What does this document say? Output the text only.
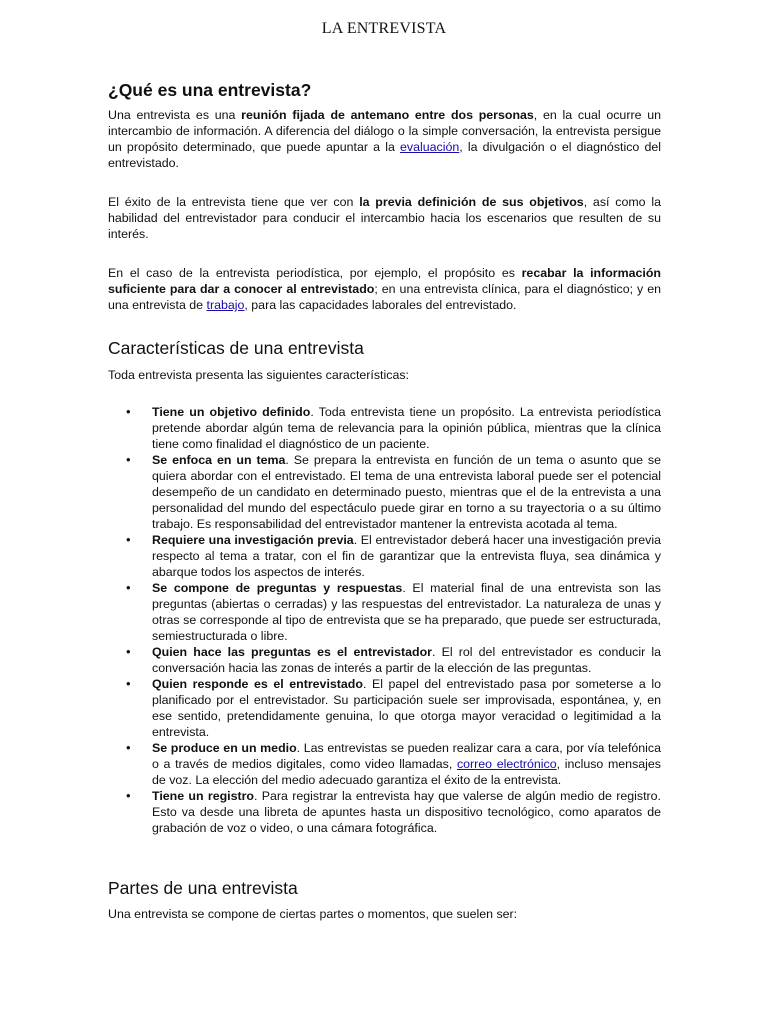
LA ENTREVISTA
¿Qué es una entrevista?

Una entrevista es una reunión fijada de antemano entre dos personas, en la cual ocurre un intercambio de información. A diferencia del diálogo o la simple conversación, la entrevista persigue un propósito determinado, que puede apuntar a la evaluación, la divulgación o el diagnóstico del entrevistado.

El éxito de la entrevista tiene que ver con la previa definición de sus objetivos, así como la habilidad del entrevistador para conducir el intercambio hacia los escenarios que resulten de su interés.

En el caso de la entrevista periodística, por ejemplo, el propósito es recabar la información suficiente para dar a conocer al entrevistado; en una entrevista clínica, para el diagnóstico; y en una entrevista de trabajo, para las capacidades laborales del entrevistado.

Características de una entrevista

Toda entrevista presenta las siguientes características:

• Tiene un objetivo definido. Toda entrevista tiene un propósito. La entrevista periodística pretende abordar algún tema de relevancia para la opinión pública, mientras que la clínica tiene como finalidad el diagnóstico de un paciente.
• Se enfoca en un tema. Se prepara la entrevista en función de un tema o asunto que se quiera abordar con el entrevistado. El tema de una entrevista laboral puede ser el potencial desempeño de un candidato en determinado puesto, mientras que el de la entrevista a una personalidad del mundo del espectáculo puede girar en torno a su trayectoria o a su último trabajo. Es responsabilidad del entrevistador mantener la entrevista acotada al tema.
• Requiere una investigación previa. El entrevistador deberá hacer una investigación previa respecto al tema a tratar, con el fin de garantizar que la entrevista fluya, sea dinámica y abarque todos los aspectos de interés.
• Se compone de preguntas y respuestas. El material final de una entrevista son las preguntas (abiertas o cerradas) y las respuestas del entrevistador. La naturaleza de unas y otras se corresponde al tipo de entrevista que se ha preparado, que puede ser estructurada, semiestructurada o libre.
• Quien hace las preguntas es el entrevistador. El rol del entrevistador es conducir la conversación hacia las zonas de interés a partir de la elección de las preguntas.
• Quien responde es el entrevistado. El papel del entrevistado pasa por someterse a lo planificado por el entrevistador. Su participación suele ser improvisada, espontánea, y, en ese sentido, pretendidamente genuina, lo que otorga mayor veracidad o legitimidad a la entrevista.
• Se produce en un medio. Las entrevistas se pueden realizar cara a cara, por vía telefónica o a través de medios digitales, como video llamadas, correo electrónico, incluso mensajes de voz. La elección del medio adecuado garantiza el éxito de la entrevista.
• Tiene un registro. Para registrar la entrevista hay que valerse de algún medio de registro. Esto va desde una libreta de apuntes hasta un dispositivo tecnológico, como aparatos de grabación de voz o video, o una cámara fotográfica.
Partes de una entrevista

Una entrevista se compone de ciertas partes o momentos, que suelen ser:
